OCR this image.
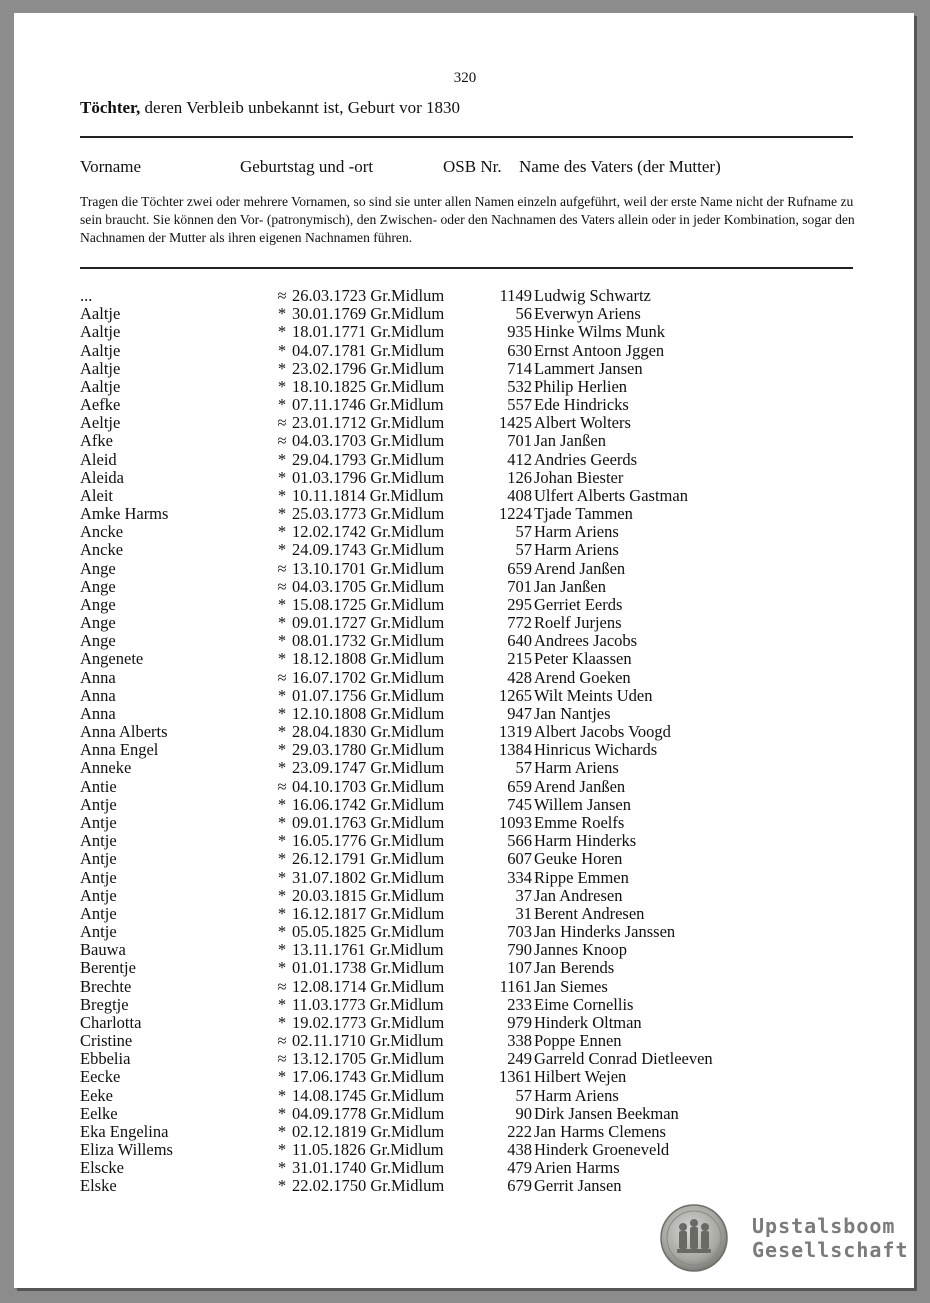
320
Töchter, deren Verbleib unbekannt ist, Geburt vor 1830
Vorname	Geburtstag und -ort	OSB Nr. Name des Vaters (der Mutter)
Tragen die Töchter zwei oder mehrere Vornamen, so sind sie unter allen Namen einzeln aufgeführt, weil der erste Name nicht der Rufname zu sein braucht. Sie können den Vor- (patronymisch), den Zwischen- oder den Nachnamen des Vaters allein oder in jeder Kombination, sogar den Nachnamen der Mutter als ihren eigenen Nachnamen führen.
...	≈ 26.03.1723 Gr.Midlum	1149 Ludwig Schwartz
Aaltje	* 30.01.1769 Gr.Midlum	56 Everwyn Ariens
Aaltje	* 18.01.1771 Gr.Midlum	935 Hinke Wilms Munk
Aaltje	* 04.07.1781 Gr.Midlum	630 Ernst Antoon Jggen
Aaltje	* 23.02.1796 Gr.Midlum	714 Lammert Jansen
Aaltje	* 18.10.1825 Gr.Midlum	532 Philip Herlien
Aefke	* 07.11.1746 Gr.Midlum	557 Ede Hindricks
Aeltje	≈ 23.01.1712 Gr.Midlum	1425 Albert Wolters
Afke	≈ 04.03.1703 Gr.Midlum	701 Jan Janßen
Aleid	* 29.04.1793 Gr.Midlum	412 Andries Geerds
Aleida	* 01.03.1796 Gr.Midlum	126 Johan Biester
Aleit	* 10.11.1814 Gr.Midlum	408 Ulfert Alberts Gastman
Amke Harms	* 25.03.1773 Gr.Midlum	1224 Tjade Tammen
Ancke	* 12.02.1742 Gr.Midlum	57 Harm Ariens
Ancke	* 24.09.1743 Gr.Midlum	57 Harm Ariens
Ange	≈ 13.10.1701 Gr.Midlum	659 Arend Janßen
Ange	≈ 04.03.1705 Gr.Midlum	701 Jan Janßen
Ange	* 15.08.1725 Gr.Midlum	295 Gerriet Eerds
Ange	* 09.01.1727 Gr.Midlum	772 Roelf Jurjens
Ange	* 08.01.1732 Gr.Midlum	640 Andrees Jacobs
Angenete	* 18.12.1808 Gr.Midlum	215 Peter Klaassen
Anna	≈ 16.07.1702 Gr.Midlum	428 Arend Goeken
Anna	* 01.07.1756 Gr.Midlum	1265 Wilt Meints Uden
Anna	* 12.10.1808 Gr.Midlum	947 Jan Nantjes
Anna Alberts	* 28.04.1830 Gr.Midlum	1319 Albert Jacobs Voogd
Anna Engel	* 29.03.1780 Gr.Midlum	1384 Hinricus Wichards
Anneke	* 23.09.1747 Gr.Midlum	57 Harm Ariens
Antie	≈ 04.10.1703 Gr.Midlum	659 Arend Janßen
Antje	* 16.06.1742 Gr.Midlum	745 Willem Jansen
Antje	* 09.01.1763 Gr.Midlum	1093 Emme Roelfs
Antje	* 16.05.1776 Gr.Midlum	566 Harm Hinderks
Antje	* 26.12.1791 Gr.Midlum	607 Geuke Horen
Antje	* 31.07.1802 Gr.Midlum	334 Rippe Emmen
Antje	* 20.03.1815 Gr.Midlum	37 Jan Andresen
Antje	* 16.12.1817 Gr.Midlum	31 Berent Andresen
Antje	* 05.05.1825 Gr.Midlum	703 Jan Hinderks Janssen
Bauwa	* 13.11.1761 Gr.Midlum	790 Jannes Knoop
Berentje	* 01.01.1738 Gr.Midlum	107 Jan Berends
Brechte	≈ 12.08.1714 Gr.Midlum	1161 Jan Siemes
Bregtje	* 11.03.1773 Gr.Midlum	233 Eime Cornellis
Charlotta	* 19.02.1773 Gr.Midlum	979 Hinderk Oltman
Cristine	≈ 02.11.1710 Gr.Midlum	338 Poppe Ennen
Ebbelia	≈ 13.12.1705 Gr.Midlum	249 Garreld Conrad Dietleeven
Eecke	* 17.06.1743 Gr.Midlum	1361 Hilbert Wejen
Eeke	* 14.08.1745 Gr.Midlum	57 Harm Ariens
Eelke	* 04.09.1778 Gr.Midlum	90 Dirk Jansen Beekman
Eka Engelina	* 02.12.1819 Gr.Midlum	222 Jan Harms Clemens
Eliza Willems	* 11.05.1826 Gr.Midlum	438 Hinderk Groeneveld
Elscke	* 31.01.1740 Gr.Midlum	479 Arien Harms
Elske	* 22.02.1750 Gr.Midlum	679 Gerrit Jansen
Upstalsboom
Gesellschaft
